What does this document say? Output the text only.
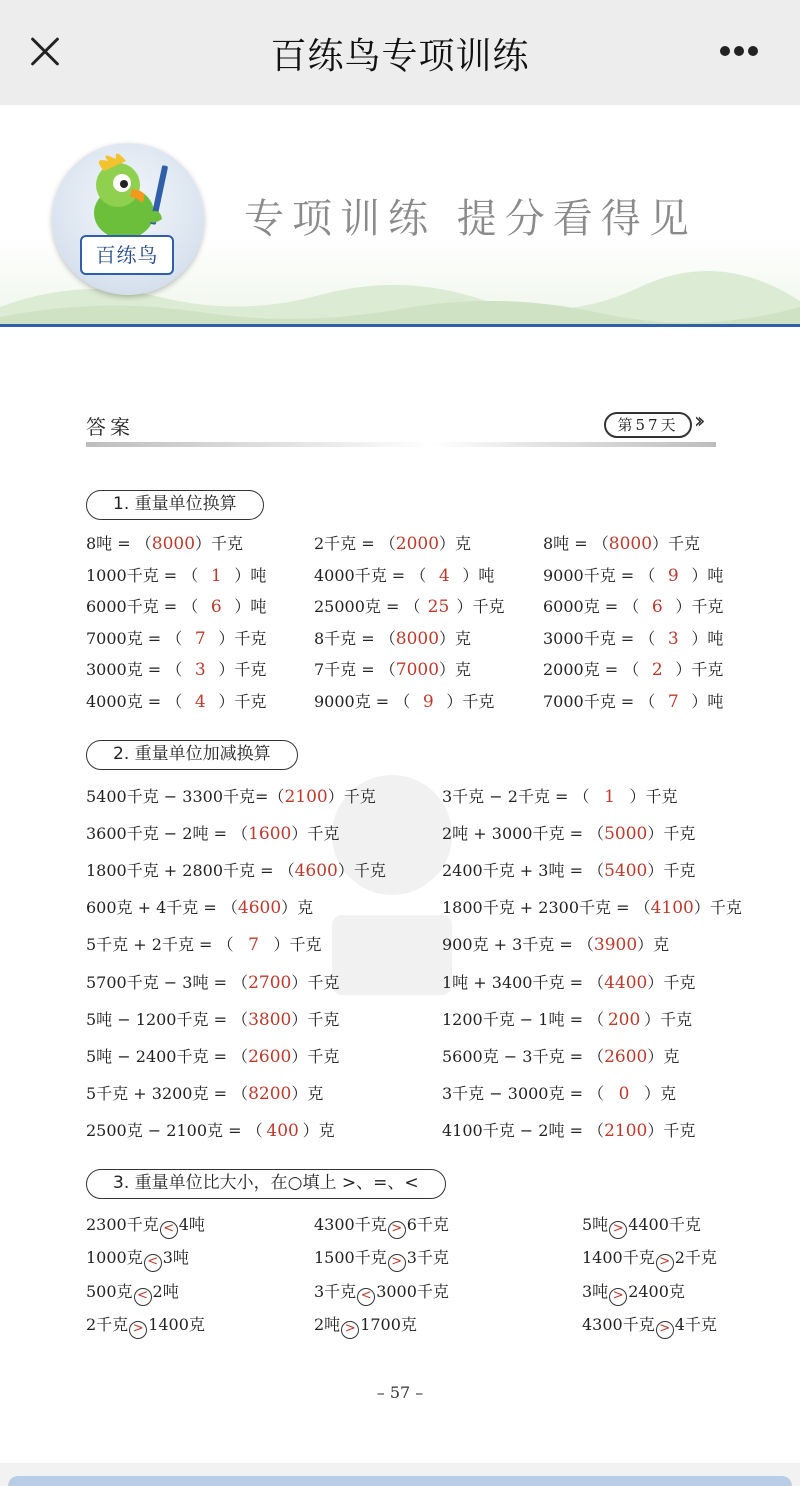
百练鸟专项训练
百练鸟
专项训练 提分看得见
答案	第57天 ››
1. 重量单位换算
8吨 = （8000）千克	2千克 = （2000）克	8吨 = （8000）千克
1000千克 = （ 1 ）吨	4000千克 = （ 4 ）吨	9000千克 = （ 9 ）吨
6000千克 = （ 6 ）吨	25000克 = （ 25 ）千克 6000克 = （ 6 ）千克
7000克 = （ 7 ）千克	8千克 = （8000）克	3000千克 = （ 3 ）吨
3000克 = （ 3 ）千克	7千克 = （7000）克	2000克 = （ 2 ）千克
4000克 = （ 4 ）千克	9000克 = （ 9 ）千克	7000千克 = （ 7 ）吨
2. 重量单位加减换算
5400千克 − 3300千克=（2100）千克	3千克 − 2千克 = （ 1 ）千克
3600千克 − 2吨 = （1600）千克	2吨 + 3000千克 = （5000）千克
1800千克 + 2800千克 = （4600）千克	2400千克 + 3吨 = （5400）千克
600克 + 4千克 = （4600）克	1800千克 + 2300千克 = （4100）千克
5千克 + 2千克 = （ 7 ）千克	900克 + 3千克 = （3900）克
5700千克 − 3吨 = （2700）千克	1吨 + 3400千克 = （4400）千克
5吨 − 1200千克 = （3800）千克	1200千克 − 1吨 = （ 200 ）千克
5吨 − 2400千克 = （2600）千克	5600克 − 3千克 = （2600）克
5千克 + 3200克 = （8200）克	3千克 − 3000克 = （ 0 ）克
2500克 − 2100克 = （ 400 ）克	4100千克 − 2吨 = （2100）千克
3. 重量单位比大小，在○填上 >、=、<
2300千克 < 4吨	4300千克 > 6千克	5吨 > 4400千克
1000克 < 3吨	1500千克 > 3千克	1400千克 > 2千克
500克 < 2吨	3千克 < 3000千克	3吨 > 2400克
2千克 > 1400克	2吨 > 1700克	4300千克 > 4千克
– 57 –
